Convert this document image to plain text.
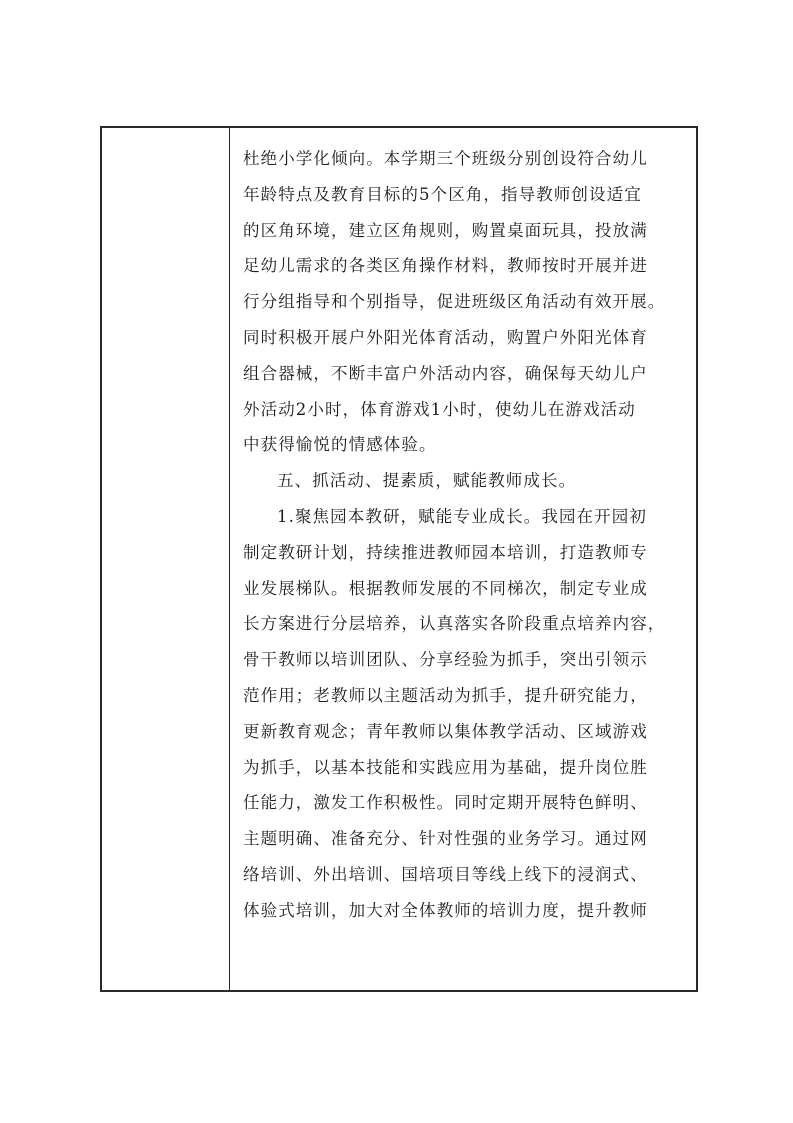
杜绝小学化倾向。本学期三个班级分别创设符合幼儿
年龄特点及教育目标的5个区角，指导教师创设适宜
的区角环境，建立区角规则，购置桌面玩具，投放满
足幼儿需求的各类区角操作材料，教师按时开展并进
行分组指导和个别指导，促进班级区角活动有效开展。
同时积极开展户外阳光体育活动，购置户外阳光体育
组合器械，不断丰富户外活动内容，确保每天幼儿户
外活动2小时，体育游戏1小时，使幼儿在游戏活动
中获得愉悦的情感体验。
五、抓活动、提素质，赋能教师成长。
1.聚焦园本教研，赋能专业成长。我园在开园初
制定教研计划，持续推进教师园本培训，打造教师专
业发展梯队。根据教师发展的不同梯次，制定专业成
长方案进行分层培养，认真落实各阶段重点培养内容，
骨干教师以培训团队、分享经验为抓手，突出引领示
范作用；老教师以主题活动为抓手，提升研究能力，
更新教育观念；青年教师以集体教学活动、区域游戏
为抓手，以基本技能和实践应用为基础，提升岗位胜
任能力，激发工作积极性。同时定期开展特色鲜明、
主题明确、准备充分、针对性强的业务学习。通过网
络培训、外出培训、国培项目等线上线下的浸润式、
体验式培训，加大对全体教师的培训力度，提升教师
